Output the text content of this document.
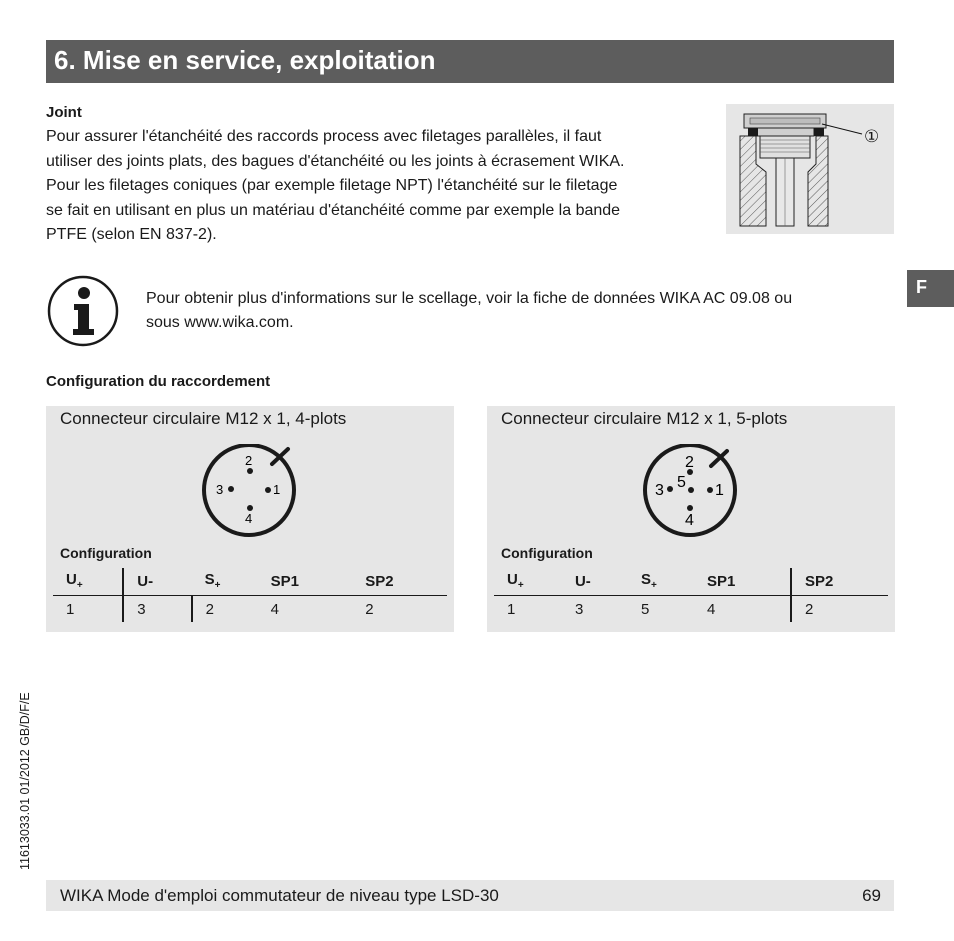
6. Mise en service, exploitation
Joint
Pour assurer l'étanchéité des raccords process avec filetages parallèles, il faut
utiliser des joints plats, des bagues d'étanchéité ou les joints à écrasement WIKA.
Pour les filetages coniques (par exemple filetage NPT) l'étanchéité sur le filetage
se fait en utilisant en plus un matériau d'étanchéité comme par exemple la bande
PTFE (selon EN 837-2).
①
F
Pour obtenir plus d'informations sur le scellage, voir la fiche de données WIKA AC 09.08 ou
sous www.wika.com.
Configuration du raccordement
Connecteur circulaire M12 x 1, 4-plots
2
3	1
4
Configuration
$U_+$	U-	$S_+$	SP1	SP2
1	3	2	4	2
Connecteur circulaire M12 x 1, 5-plots
2
3 5 1
4
Configuration
$U_+$	U-	$S_+$	SP1	SP2
1	3	5	4	2
11613033.01 01/2012 GB/D/F/E
WIKA Mode d'emploi commutateur de niveau type LSD-30	69
